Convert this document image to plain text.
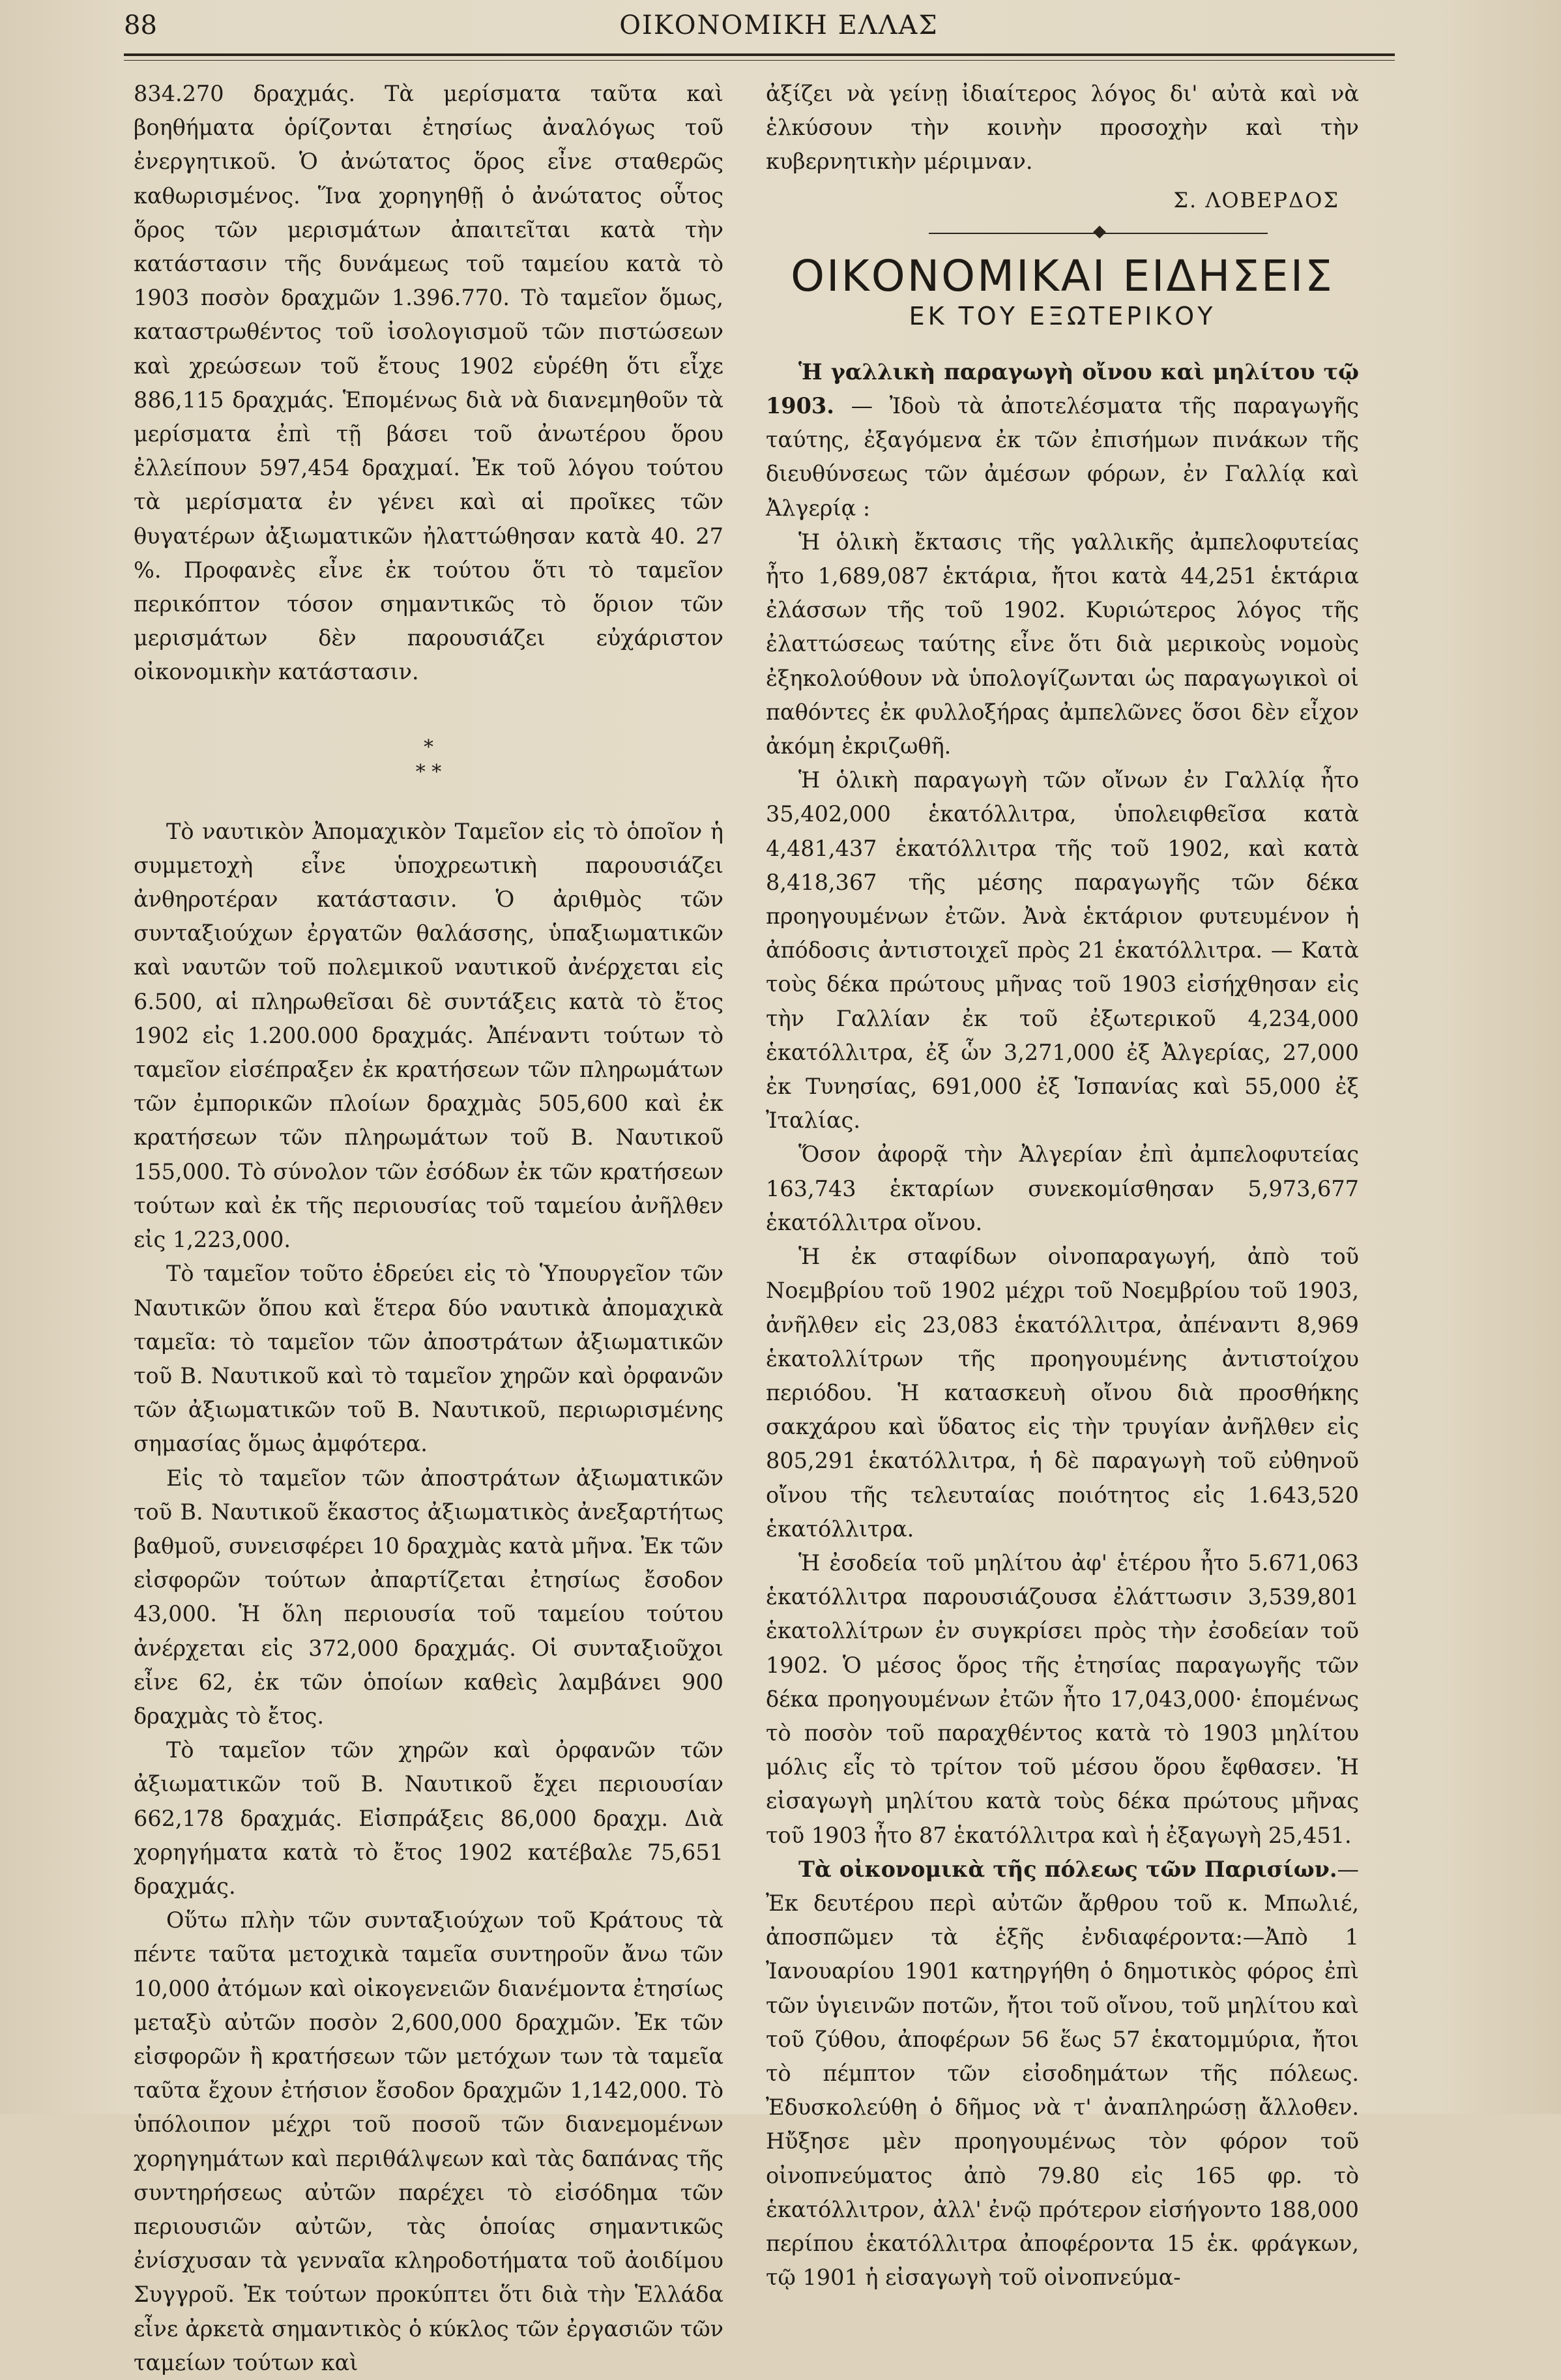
88	ΟΙΚΟΝΟΜΙΚΗ ΕΛΛΑΣ

834.270 δραχμάς. Τὰ μερίσματα ταῦτα καὶ βοηθήματα ὁρίζονται ἐτησίως ἀναλόγως τοῦ ἐνεργητικοῦ. Ὁ ἀνώτατος ὅρος εἶνε σταθερῶς καθωρισμένος. Ἵνα χορηγηθῇ ὁ ἀνώτατος οὗτος ὅρος τῶν μερισμάτων ἀπαιτεῖται κατὰ τὴν κατάστασιν τῆς δυνάμεως τοῦ ταμείου κατὰ τὸ 1903 ποσὸν δραχμῶν 1.396.770. Τὸ ταμεῖον ὅμως, καταστρωθέντος τοῦ ἰσολογισμοῦ τῶν πιστώσεων καὶ χρεώσεων τοῦ ἔτους 1902 εὑρέθη ὅτι εἶχε 886,115 δραχμάς. Ἑπομένως διὰ νὰ διανεμηθοῦν τὰ μερίσματα ἐπὶ τῇ βάσει τοῦ ἀνωτέρου ὅρου ἐλλείπουν 597,454 δραχμαί. Ἐκ τοῦ λόγου τούτου τὰ μερίσματα ἐν γένει καὶ αἱ προῖκες τῶν θυγατέρων ἀξιωματικῶν ἠλαττώθησαν κατὰ 40. 27 %. Προφανὲς εἶνε ἐκ τούτου ὅτι τὸ ταμεῖον περικόπτον τόσον σημαντικῶς τὸ ὅριον τῶν μερισμάτων δὲν παρουσιάζει εὐχάριστον οἰκονομικὴν κατάστασιν.

*
* *

Τὸ ναυτικὸν Ἀπομαχικὸν Ταμεῖον εἰς τὸ ὁποῖον ἡ συμμετοχὴ εἶνε ὑποχρεωτικὴ παρουσιάζει ἀνθηροτέραν κατάστασιν. Ὁ ἀριθμὸς τῶν συνταξιούχων ἐργατῶν θαλάσσης, ὑπαξιωματικῶν καὶ ναυτῶν τοῦ πολεμικοῦ ναυτικοῦ ἀνέρχεται εἰς 6.500, αἱ πληρωθεῖσαι δὲ συντάξεις κατὰ τὸ ἔτος 1902 εἰς 1.200.000 δραχμάς. Ἀπέναντι τούτων τὸ ταμεῖον εἰσέπραξεν ἐκ κρατήσεων τῶν πληρωμάτων τῶν ἐμπορικῶν πλοίων δραχμὰς 505,600 καὶ ἐκ κρατήσεων τῶν πληρωμάτων τοῦ Β. Ναυτικοῦ 155,000. Τὸ σύνολον τῶν ἐσόδων ἐκ τῶν κρατήσεων τούτων καὶ ἐκ τῆς περιουσίας τοῦ ταμείου ἀνῆλθεν εἰς 1,223,000.

Τὸ ταμεῖον τοῦτο ἑδρεύει εἰς τὸ Ὑπουργεῖον τῶν Ναυτικῶν ὅπου καὶ ἕτερα δύο ναυτικὰ ἀπομαχικὰ ταμεῖα: τὸ ταμεῖον τῶν ἀποστράτων ἀξιωματικῶν τοῦ Β. Ναυτικοῦ καὶ τὸ ταμεῖον χηρῶν καὶ ὀρφανῶν τῶν ἀξιωματικῶν τοῦ Β. Ναυτικοῦ, περιωρισμένης σημασίας ὅμως ἀμφότερα.

Εἰς τὸ ταμεῖον τῶν ἀποστράτων ἀξιωματικῶν τοῦ Β. Ναυτικοῦ ἕκαστος ἀξιωματικὸς ἀνεξαρτήτως βαθμοῦ, συνεισφέρει 10 δραχμὰς κατὰ μῆνα. Ἐκ τῶν εἰσφορῶν τούτων ἀπαρτίζεται ἐτησίως ἔσοδον 43,000. Ἡ ὅλη περιουσία τοῦ ταμείου τούτου ἀνέρχεται εἰς 372,000 δραχμάς. Οἱ συνταξιοῦχοι εἶνε 62, ἐκ τῶν ὁποίων καθεὶς λαμβάνει 900 δραχμὰς τὸ ἔτος.

Τὸ ταμεῖον τῶν χηρῶν καὶ ὀρφανῶν τῶν ἀξιωματικῶν τοῦ Β. Ναυτικοῦ ἔχει περιουσίαν 662,178 δραχμάς. Εἰσπράξεις 86,000 δραχμ. Διὰ χορηγήματα κατὰ τὸ ἔτος 1902 κατέβαλε 75,651 δραχμάς.

Οὕτω πλὴν τῶν συνταξιούχων τοῦ Κράτους τὰ πέντε ταῦτα μετοχικὰ ταμεῖα συντηροῦν ἄνω τῶν 10,000 ἀτόμων καὶ οἰκογενειῶν διανέμοντα ἐτησίως μεταξὺ αὐτῶν ποσὸν 2,600,000 δραχμῶν. Ἐκ τῶν εἰσφορῶν ἢ κρατήσεων τῶν μετόχων των τὰ ταμεῖα ταῦτα ἔχουν ἐτήσιον ἔσοδον δραχμῶν 1,142,000. Τὸ ὑπόλοιπον μέχρι τοῦ ποσοῦ τῶν διανεμομένων χορηγημάτων καὶ περιθάλψεων καὶ τὰς δαπάνας τῆς συντηρήσεως αὐτῶν παρέχει τὸ εἰσόδημα τῶν περιουσιῶν αὐτῶν, τὰς ὁποίας σημαντικῶς ἐνίσχυσαν τὰ γενναῖα κληροδοτήματα τοῦ ἀοιδίμου Συγγροῦ. Ἐκ τούτων προκύπτει ὅτι διὰ τὴν Ἑλλάδα εἶνε ἀρκετὰ σημαντικὸς ὁ κύκλος τῶν ἐργασιῶν τῶν ταμείων τούτων καὶ

ἀξίζει νὰ γείνῃ ἰδιαίτερος λόγος δι' αὐτὰ καὶ νὰ ἑλκύσουν τὴν κοινὴν προσοχὴν καὶ τὴν κυβερνητικὴν μέριμναν.

Σ. ΛΟΒΕΡΔΟΣ
ΟΙΚΟΝΟΜΙΚΑΙ ΕΙΔΗΣΕΙΣ
ΕΚ ΤΟΥ ΕΞΩΤΕΡΙΚΟΥ

Ἡ γαλλικὴ παραγωγὴ οἴνου καὶ μηλίτου τῷ 1903. — Ἰδοὺ τὰ ἀποτελέσματα τῆς παραγωγῆς ταύτης, ἐξαγόμενα ἐκ τῶν ἐπισήμων πινάκων τῆς διευθύνσεως τῶν ἀμέσων φόρων, ἐν Γαλλίᾳ καὶ Ἀλγερίᾳ :

Ἡ ὁλικὴ ἔκτασις τῆς γαλλικῆς ἀμπελοφυτείας ἦτο 1,689,087 ἑκτάρια, ἤτοι κατὰ 44,251 ἑκτάρια ἐλάσσων τῆς τοῦ 1902. Κυριώτερος λόγος τῆς ἐλαττώσεως ταύτης εἶνε ὅτι διὰ μερικοὺς νομοὺς ἐξηκολούθουν νὰ ὑπολογίζωνται ὡς παραγωγικοὶ οἱ παθόντες ἐκ φυλλοξήρας ἀμπελῶνες ὅσοι δὲν εἶχον ἀκόμη ἐκριζωθῆ.

Ἡ ὁλικὴ παραγωγὴ τῶν οἴνων ἐν Γαλλίᾳ ἦτο 35,402,000 ἑκατόλλιτρα, ὑπολειφθεῖσα κατὰ 4,481,437 ἑκατόλλιτρα τῆς τοῦ 1902, καὶ κατὰ 8,418,367 τῆς μέσης παραγωγῆς τῶν δέκα προηγουμένων ἐτῶν. Ἀνὰ ἑκτάριον φυτευμένον ἡ ἀπόδοσις ἀντιστοιχεῖ πρὸς 21 ἑκατόλλιτρα. — Κατὰ τοὺς δέκα πρώτους μῆνας τοῦ 1903 εἰσήχθησαν εἰς τὴν Γαλλίαν ἐκ τοῦ ἐξωτερικοῦ 4,234,000 ἑκατόλλιτρα, ἐξ ὧν 3,271,000 ἐξ Ἀλγερίας, 27,000 ἐκ Τυνησίας, 691,000 ἐξ Ἱσπανίας καὶ 55,000 ἐξ Ἰταλίας.

Ὅσον ἀφορᾷ τὴν Ἀλγερίαν ἐπὶ ἀμπελοφυτείας 163,743 ἑκταρίων συνεκομίσθησαν 5,973,677 ἑκατόλλιτρα οἴνου.

Ἡ ἐκ σταφίδων οἰνοπαραγωγή, ἀπὸ τοῦ Νοεμβρίου τοῦ 1902 μέχρι τοῦ Νοεμβρίου τοῦ 1903, ἀνῆλθεν εἰς 23,083 ἑκατόλλιτρα, ἀπέναντι 8,969 ἑκατολλίτρων τῆς προηγουμένης ἀντιστοίχου περιόδου. Ἡ κατασκευὴ οἴνου διὰ προσθήκης σακχάρου καὶ ὕδατος εἰς τὴν τρυγίαν ἀνῆλθεν εἰς 805,291 ἑκατόλλιτρα, ἡ δὲ παραγωγὴ τοῦ εὐθηνοῦ οἴνου τῆς τελευταίας ποιότητος εἰς 1.643,520 ἑκατόλλιτρα.

Ἡ ἐσοδεία τοῦ μηλίτου ἀφ' ἑτέρου ἦτο 5.671,063 ἑκατόλλιτρα παρουσιάζουσα ἐλάττωσιν 3,539,801 ἑκατολλίτρων ἐν συγκρίσει πρὸς τὴν ἐσοδείαν τοῦ 1902. Ὁ μέσος ὅρος τῆς ἐτησίας παραγωγῆς τῶν δέκα προηγουμένων ἐτῶν ἦτο 17,043,000· ἑπομένως τὸ ποσὸν τοῦ παραχθέντος κατὰ τὸ 1903 μηλίτου μόλις εἶς τὸ τρίτον τοῦ μέσου ὅρου ἔφθασεν. Ἡ εἰσαγωγὴ μηλίτου κατὰ τοὺς δέκα πρώτους μῆνας τοῦ 1903 ἦτο 87 ἑκατόλλιτρα καὶ ἡ ἐξαγωγὴ 25,451.

Τὰ οἰκονομικὰ τῆς πόλεως τῶν Παρισίων.—Ἐκ δευτέρου περὶ αὐτῶν ἄρθρου τοῦ κ. Μπωλιέ, ἀποσπῶμεν τὰ ἑξῆς ἐνδιαφέροντα:—Ἀπὸ 1 Ἰανουαρίου 1901 κατηργήθη ὁ δημοτικὸς φόρος ἐπὶ τῶν ὑγιεινῶν ποτῶν, ἤτοι τοῦ οἴνου, τοῦ μηλίτου καὶ τοῦ ζύθου, ἀποφέρων 56 ἕως 57 ἑκατομμύρια, ἤτοι τὸ πέμπτον τῶν εἰσοδημάτων τῆς πόλεως. Ἐδυσκολεύθη ὁ δῆμος νὰ τ' ἀναπληρώσῃ ἄλλοθεν. Ηὔξησε μὲν προηγουμένως τὸν φόρον τοῦ οἰνοπνεύματος ἀπὸ 79.80 εἰς 165 φρ. τὸ ἑκατόλλιτρον, ἀλλ' ἐνῷ πρότερον εἰσήγοντο 188,000 περίπου ἑκατόλλιτρα ἀποφέροντα 15 ἑκ. φράγκων, τῷ 1901 ἡ εἰσαγωγὴ τοῦ οἰνοπνεύμα-
